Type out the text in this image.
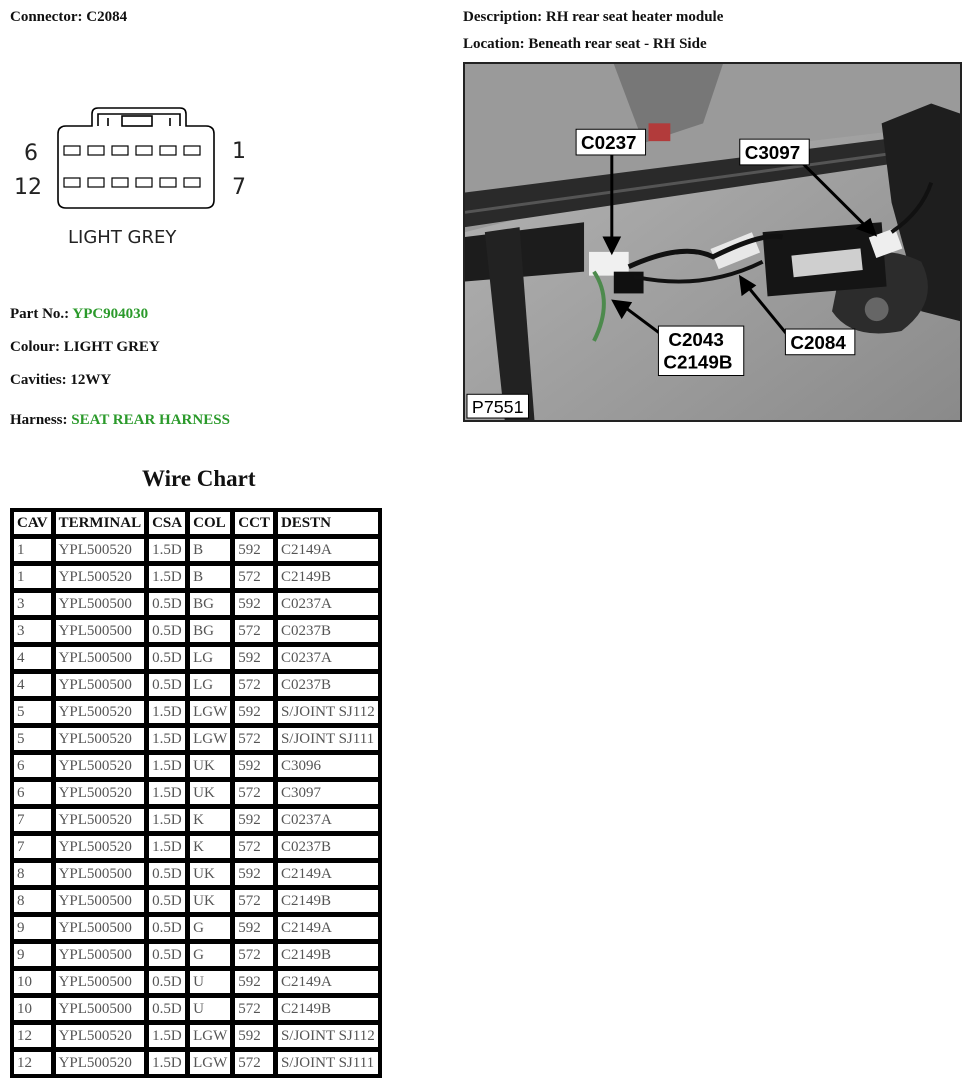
Connector: C2084	Description: RH rear seat heater module
Location: Beneath rear seat - RH Side
6	1
12	7
LIGHT GREY
Part No.: YPC904030
Colour: LIGHT GREY
Cavities: 12WY
Harness: SEAT REAR HARNESS
C0237	C3097
C2043
C2149B
C2084
P7551
Wire Chart
CAV	TERMINAL	CSA	COL	CCT	DESTN
1	YPL500520	1.5D	B	592	C2149A
1	YPL500520	1.5D	B	572	C2149B
3	YPL500500	0.5D	BG	592	C0237A
3	YPL500500	0.5D	BG	572	C0237B
4	YPL500500	0.5D	LG	592	C0237A
4	YPL500500	0.5D	LG	572	C0237B
5	YPL500520	1.5D	LGW	592	S/JOINT SJ112
5	YPL500520	1.5D	LGW	572	S/JOINT SJ111
6	YPL500520	1.5D	UK	592	C3096
6	YPL500520	1.5D	UK	572	C3097
7	YPL500520	1.5D	K	592	C0237A
7	YPL500520	1.5D	K	572	C0237B
8	YPL500500	0.5D	UK	592	C2149A
8	YPL500500	0.5D	UK	572	C2149B
9	YPL500500	0.5D	G	592	C2149A
9	YPL500500	0.5D	G	572	C2149B
10	YPL500500	0.5D	U	592	C2149A
10	YPL500500	0.5D	U	572	C2149B
12	YPL500520	1.5D	LGW	592	S/JOINT SJ112
12	YPL500520	1.5D	LGW	572	S/JOINT SJ111
